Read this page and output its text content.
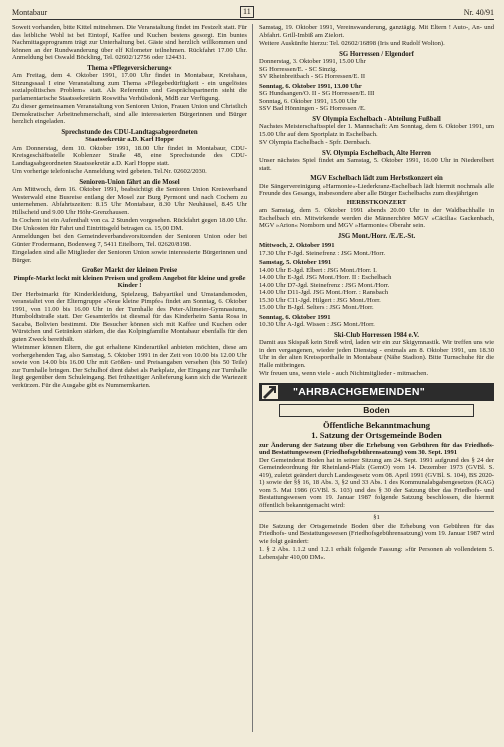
Montabaur	11	Nr. 40/91

Soweit vorhanden, bitte Kittel mitnehmen. Die Veranstaltung findet im Festzelt statt. Für das leibliche Wohl ist bei Eintopf, Kaffee und Kuchen bestens gesorgt. Ein buntes Nachmittagsprogramm trägt zur Unterhaltung bei. Gäste sind herzlich willkommen und können an der Rundwanderung über elf Kilometer teilnehmen. Rückfahrt 17.00 Uhr. Anmeldung bei Oswald Böckling, Tel. 02602/12756 oder 124431.

Thema »Pflegeversicherung«

Am Freitag, dem 4. Oktober 1991, 17.00 Uhr findet in Montabaur, Kreishaus, Sitzungssaal I eine Veranstaltung zum Thema »Pflegebedürftigkeit - ein ungelöstes sozialpolitisches Problem« statt. Als Referentin und Gesprächspartnerin steht die parlamentarische Staatssekretärin Roswitha Verhülsdonk, MdB zur Verfügung.

Zu dieser gemeinsamen Veranstaltung von Senioren Union, Frauen Union und Christlich Demokratischer Arbeitnehmerschaft, sind alle interessierten Bürgerinnen und Bürger herzlich eingeladen.

Sprechstunde des CDU-Landtagsabgeordneten
Staatssekretär a.D. Karl Hoppe

Am Donnerstag, dem 10. Oktober 1991, 18.00 Uhr findet in Montabaur, CDU-Kreisgeschäftsstelle Koblenzer Straße 48, eine Sprechstunde des CDU-Landtagsabgeordneten Staatssekretär a.D. Karl Hoppe statt.

Um vorherige telefonische Anmeldung wird gebeten. Tel.Nr. 02602/2030.

Senioren-Union fährt an die Mosel

Am Mittwoch, dem 16. Oktober 1991, beabsichtigt die Senioren Union Kreisverband Westerwald eine Busreise entlang der Mosel zur Burg Pyrmont und nach Cochem zu unternehmen. Abfahrtszeiten: 8.15 Uhr Montabaur, 8.30 Uhr Neuhäusel, 8.45 Uhr Hillscheid und 9.00 Uhr Höhr-Grenzhausen.

In Cochem ist ein Aufenthalt von ca. 2 Stunden vorgesehen. Rückfahrt gegen 18.00 Uhr. Die Unkosten für Fahrt und Eintrittsgeld betragen ca. 15,00 DM.

Anmeldungen bei den Gemeindeverbandsvorsitzenden der Senioren Union oder bei Günter Frodermann, Bodenweg 7, 5411 Eitelborn, Tel. 02620/8198.

Eingeladen sind alle Mitglieder der Senioren Union sowie interessierte Bürgerinnen und Bürger.

Großer Markt der kleinen Preise
Pimpfe-Markt lockt mit kleinen Preisen und großem Angebot für kleine und große Kinder !

Der Herbstmarkt für Kinderkleidung, Spielzeug, Babyartikel und Umstandsmoden, veranstaltet von der Elterngruppe »Neue kleine Pimpfe« findet am Sonntag, 6. Oktober 1991, von 11.00 bis 16.00 Uhr in der Turnhalle des Peter-Altmeier-Gymnasiums, Humboldtstraße statt. Der Gesamterlös ist diesmal für das Kinderheim Santa Rosa in Sacaba, Bolivien bestimmt. Die Besucher können sich mit Kaffee und Kuchen oder Würstchen und Getränken stärken, die das Kolpingfamilie Montabaur ebenfalls für den guten Zweck bereithält.

Wieimmer können Eltern, die gut erhaltene Kinderartikel anbieten möchten, diese am vorhergehenden Tag, also Samstag, 5. Oktober 1991 in der Zeit von 10.00 bis 12.00 Uhr sowie von 14.00 bis 16.00 Uhr mit Größen- und Preisangaben versehen (bis 50 Teile) zur Turnhalle bringen. Der Schulhof dient dabei als Parkplatz, der Eingang zur Turnhalle liegt gegenüber dem Schuleingang. Bei frühzeitiger Anlieferung kann sich die Wartezeit verkürzen. Für die Ausgabe gibt es Nummernkarten.

Samstag, 19. Oktober 1991, Vereinswanderung, ganztägig. Mit Eltern ! Auto-, An- und Abfahrt. Grill-Imbiß am Zielort.

Weitere Auskünfte hierzu: Tel. 02602/16898 (Iris und Rudolf Wolton).

SG Horressen / Elgendorf
Donnerstag, 3. Oktober 1991, 15.00 Uhr
SG Horressen/E. - SC Sinzig.
SV Rheinbreitbach - SG Horressen/E. II
Sonntag, 6. Oktober 1991, 13.00 Uhr
SG Hundsangen/O. II - SG Horressen/E. III
Sonntag, 6. Oktober 1991, 15.00 Uhr
SSV Bad Hönningen - SG Horressen /E.
SV Olympia Eschelbach - Abteilung Fußball

Nachstes Meisterschaftsspiel der 1. Mannschaft: Am Sonntag, dem 6. Oktober 1991, um 15.00 Uhr auf dem Sportplatz in Eschelbach.

SV Olympia Eschelbach - Spfr. Dernbach.

SV. Olympia Eschelbach, Alte Herren

Unser nächstes Spiel findet am Samstag, 5. Oktober 1991, 16.00 Uhr in Niederelbert statt.

MGV Eschelbach lädt zum Herbstkonzert ein

Die Sängervereinigung »Harmonie«-Liederkranz-Eschelbach lädt hiermit nochmals alle Freunde des Gesangs, insbesondere aber alle Bürger Eschelbachs zum diesjährigen

HERBSTKONZERT

am Samstag, dem 5. Oktober 1991 abends 20.00 Uhr in der Waldbachhalle in Eschelbach ein. Mitwirkende werden die Männerchöre MGV »Cäcilia« Gackenbach, MGV »Arion« Nomborn und MGV »Harmonie« Oberahr sein.

JSG Mont./Horr. /E./E.-St.
Mittwoch, 2. Oktober 1991
17.30 Uhr F-Jgd. Steinefrenz : JSG Mont./Horr.
Samstag, 5. Oktober 1991
14.00 Uhr E-Jgd. Elbert : JSG Mont./Horr. I.
14.00 Uhr E-Jgd. JSG Mont./Horr. II : Eschelbach
14.00 Uhr D7-Jgd. Steinefrenz : JSG Mont./Horr.
14.00 Uhr D11-Jgd. JSG Mont./Horr. : Ransbach
15.30 Uhr C11-Jgd. Hilgert : JSG Mont./Horr.
15.00 Uhr B-Jgd. Selters : JSG Mont./Horr.
Sonntag, 6. Oktober 1991
10.30 Uhr A-Jgd. Wissen : JSG Mont./Horr.
Ski-Club Horressen 1984 e.V.

Damit aus Skispaß kein Streß wird, laden wir ein zur Skigymnastik. Wir treffen uns wie in den vergangenen, wieder jeden Dienstag - erstmals am 8. Oktober 1991, um 18.30 Uhr in der alten Kreissporthalle in Montabaur (Nähe Stadion). Bitte Turnschuhe für die Halle mitbringen.

Wir freuen uns, wenn viele - auch Nichtmitglieder - mitmachen.

"AHRBACHGEMEINDEN"
Boden
Öffentliche Bekanntmachung
1. Satzung der Ortsgemeinde Boden

zur Änderung der Satzung über die Erhebung von Gebühren für das Friedhofs- und Bestattungswesen (Friedhofsgebührensatzung) vom 30. Sept. 1991

Der Gemeinderat Boden hat in seiner Sitzung am 24. Sept. 1991 aufgrund des § 24 der Gemeindeordnung für Rheinland-Pfalz (GemO) vom 14. Dezember 1973 (GVBl. S. 419), zuletzt geändert durch Landesgesetz vom 08. April 1991 (GVBl. S. 104), BS 2020-1) sowie der §§ 16, 18 Abs. 3, §2 und 33 Abs. 1 des Kommunalabgabengesetzes (KAG) vom 5. Mai 1986 (GVBl. S. 103) und des § 30 der Satzung über das Friedhofs- und Bestattungswesen vom 19. Januar 1987 folgende Satzung beschlossen, die hiermit öffentlich bekanntgemacht wird:

§1

Die Satzung der Ortsgemeinde Boden über die Erhebung von Gebühren für das Friedhofs- und Bestattungswesen (Friedhofsgebührensatzung) vom 19. Januar 1987 wird wie folgt geändert:

1. § 2 Abs. 1.1.2 und 1.2.1 erhält folgende Fassung: »für Personen ab vollendetem 5. Lebensjahr 410,00 DM«.
